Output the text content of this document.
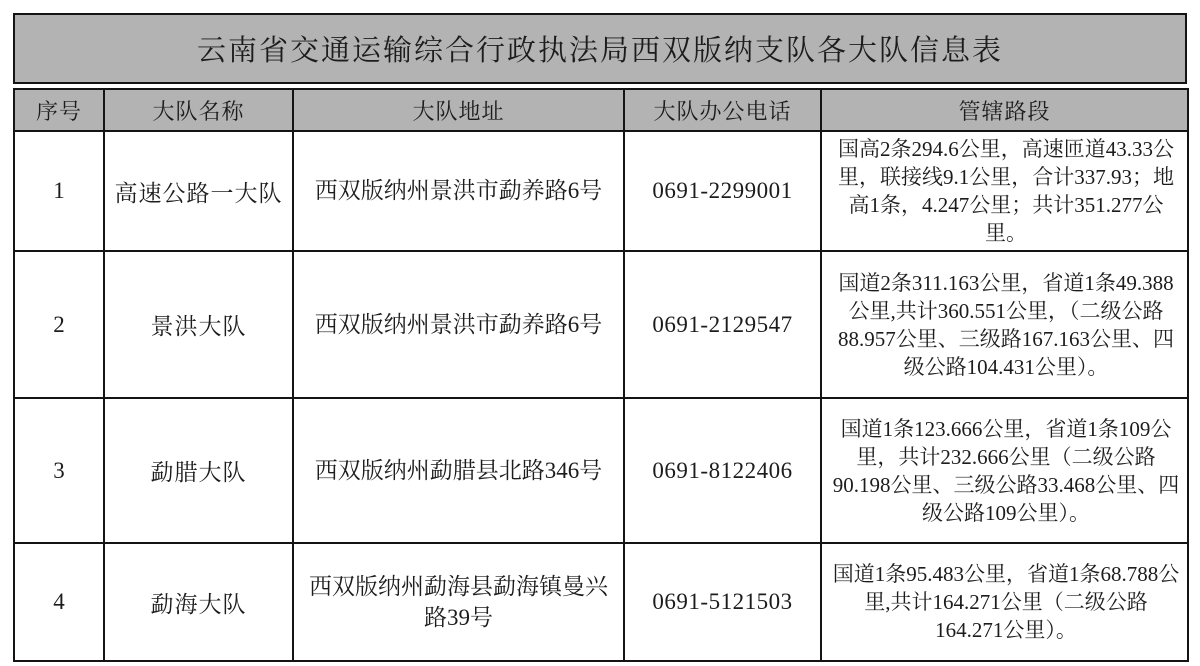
云南省交通运输综合行政执法局西双版纳支队各大队信息表
序号	大队名称	大队地址	大队办公电话	管辖路段
1	高速公路一大队	西双版纳州景洪市勐养路6号	0691-2299001	国高2条294.6公里，高速匝道43.33公里，联接线9.1公里，合计337.93；地高1条，4.247公里；共计351.277公里。
2	景洪大队	西双版纳州景洪市勐养路6号	0691-2129547	国道2条311.163公里，省道1条49.388公里,共计360.551公里，（二级公路88.957公里、三级路167.163公里、四级公路104.431公里）。
3	勐腊大队	西双版纳州勐腊县北路346号	0691-8122406	国道1条123.666公里，省道1条109公里，共计232.666公里（二级公路90.198公里、三级公路33.468公里、四级公路109公里）。
4	勐海大队	西双版纳州勐海县勐海镇曼兴路39号	0691-5121503	国道1条95.483公里，省道1条68.788公里,共计164.271公里（二级公路164.271公里）。
